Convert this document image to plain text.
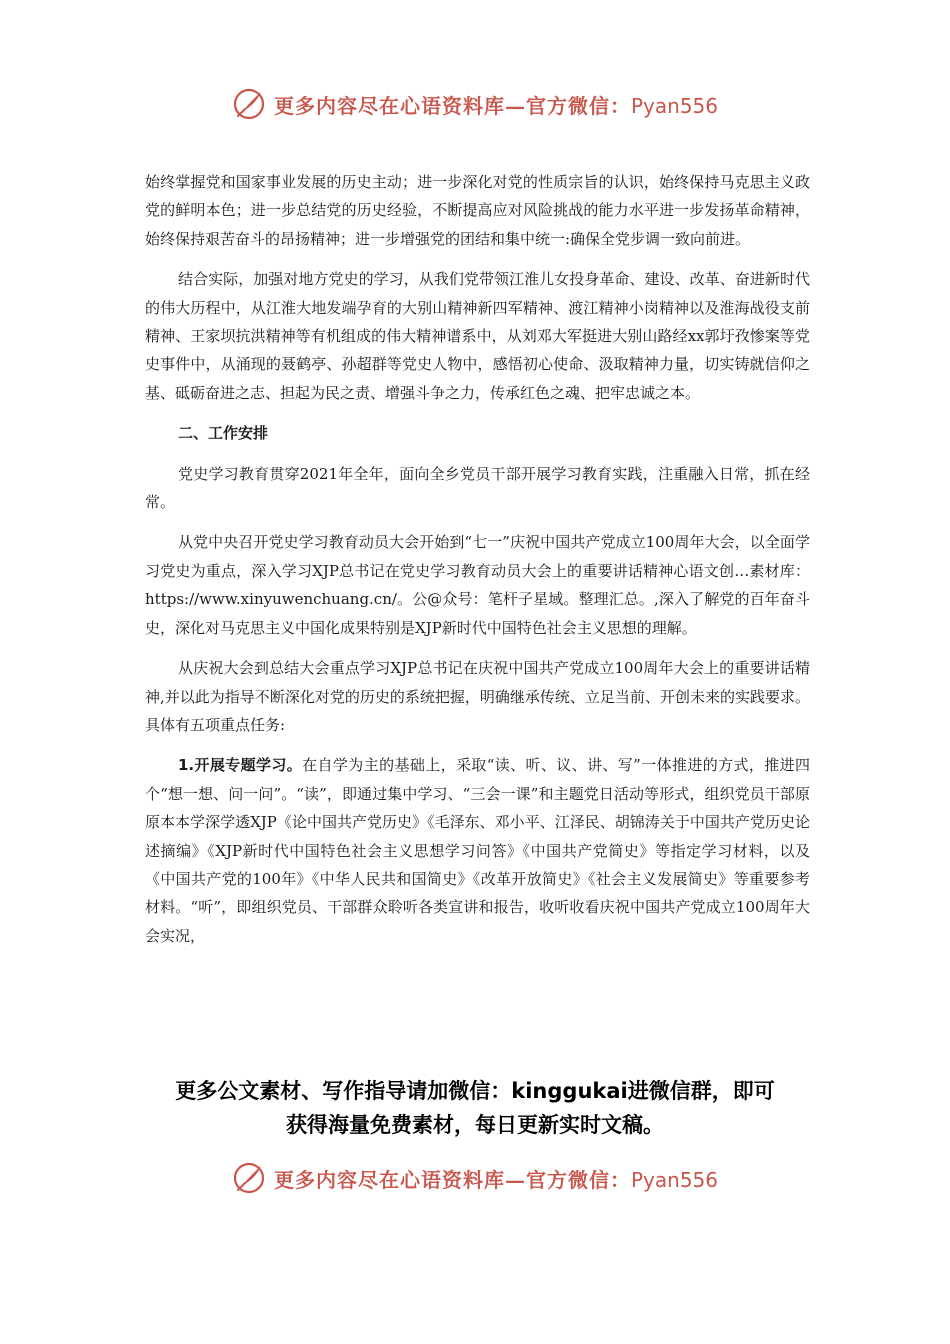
更多内容尽在心语资料库—官方微信：Pyan556

始终掌握党和国家事业发展的历史主动；进一步深化对党的性质宗旨的认识，始终保持马克思主义政党的鲜明本色；进一步总结党的历史经验，不断提高应对风险挑战的能力水平进一步发扬革命精神，始终保持艰苦奋斗的昂扬精神；进一步增强党的团结和集中统一:确保全党步调一致向前进。

结合实际，加强对地方党史的学习，从我们党带领江淮儿女投身革命、建设、改革、奋进新时代的伟大历程中，从江淮大地发端孕育的大别山精神新四军精神、渡江精神小岗精神以及淮海战役支前精神、王家坝抗洪精神等有机组成的伟大精神谱系中，从刘邓大军挺进大别山路经xx郭圩孜惨案等党史事件中，从涌现的聂鹤亭、孙超群等党史人物中，感悟初心使命、汲取精神力量，切实铸就信仰之基、砥砺奋进之志、担起为民之责、增强斗争之力，传承红色之魂、把牢忠诚之本。

二、工作安排

党史学习教育贯穿2021年全年，面向全乡党员干部开展学习教育实践，注重融入日常，抓在经常。

从党中央召开党史学习教育动员大会开始到“七一”庆祝中国共产党成立100周年大会，以全面学习党史为重点，深入学习XJP总书记在党史学习教育动员大会上的重要讲话精神心语文创…素材库：https://www.xinyuwenchuang.cn/。公@众号：笔杆子星域。整理汇总。,深入了解党的百年奋斗史，深化对马克思主义中国化成果特别是XJP新时代中国特色社会主义思想的理解。

从庆祝大会到总结大会重点学习XJP总书记在庆祝中国共产党成立100周年大会上的重要讲话精神,并以此为指导不断深化对党的历史的系统把握，明确继承传统、立足当前、开创未来的实践要求。具体有五项重点任务:

1.开展专题学习。在自学为主的基础上，采取“读、听、议、讲、写”一体推进的方式，推进四个“想一想、问一问”。“读”，即通过集中学习、“三会一课”和主题党日活动等形式，组织党员干部原原本本学深学透XJP《论中国共产党历史》《毛泽东、邓小平、江泽民、胡锦涛关于中国共产党历史论述摘编》《XJP新时代中国特色社会主义思想学习问答》《中国共产党简史》等指定学习材料，以及《中国共产党的100年》《中华人民共和国简史》《改革开放简史》《社会主义发展简史》等重要参考材料。“听”，即组织党员、干部群众聆听各类宣讲和报告，收听收看庆祝中国共产党成立100周年大会实况，

更多公文素材、写作指导请加微信：kinggukai进微信群，即可
获得海量免费素材，每日更新实时文稿。
更多内容尽在心语资料库—官方微信：Pyan556
